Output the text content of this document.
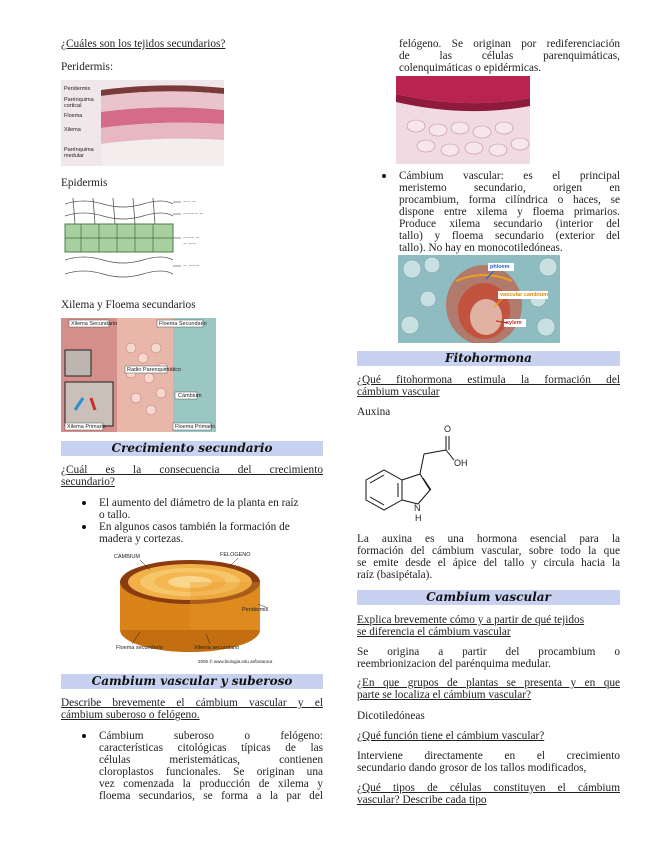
¿Cuáles son los tejidos secundarios?
Peridermis:
Peridermis
Parénquima cortical
Floema
Xilema
Parénquima medular
Epidermis
~~ ~
~~~~ ~
~~~ ~
~ ~~
~ ~~~
Xilema y Floema secundarios
Xilema Secundario	Floema Secundario
Radio Parenquimático
Cámbium
Xilema Primario	Floema Primario
Crecimiento secundario
¿Cuál es la consecuencia del crecimiento
secundario?
El aumento del diámetro de la planta en raíz
o tallo.
En algunos casos también la formación de
madera y cortezas.
CAMBIUM	FELOGENO
Peridermis
Floema secundario	Xilema secundario
2005 © www.biologia.edu.ar/botanica
Cambium vascular y suberoso
Describe brevemente el cámbium vascular y el
cámbium suberoso o felógeno.
Cámbium suberoso o felógeno:
características citológicas típicas de las
células meristemáticas, contienen
cloroplastos funcionales. Se originan una
vez comenzada la producción de xilema y
floema secundarios, se forma a la par del
felógeno. Se originan por rediferenciación
de las células parenquimáticas,
colenquimáticas o epidérmicas.
Cámbium vascular: es el principal
meristemo secundario, origen en
procambium, forma cilíndrica o haces, se
dispone entre xilema y floema primarios.
Produce xilema secundario (interior del
tallo) y floema secundario (exterior del
tallo). No hay en monocotiledóneas.
phloem
vascular cambium
xylem
Fitohormona
¿Qué fitohormona estimula la formación del
cámbium vascular
Auxina
O
OH
N
H
La auxina es una hormona esencial para la
formación del cámbium vascular, sobre todo la que
se emite desde el ápice del tallo y circula hacia la
raíz (basipétala).
Cambium vascular
Explica brevemente cómo y a partir de qué tejidos
se diferencia el cámbium vascular
Se origina a partir del procambium o
reembrionizacion del parénquima medular.
¿En que grupos de plantas se presenta y en que
parte se localiza el cámbium vascular?
Dicotiledóneas
¿Qué función tiene el cámbium vascular?
Interviene directamente en el crecimiento
secundario dando grosor de los tallos modificados,
¿Qué tipos de células constituyen el cámbium
vascular? Describe cada tipo
